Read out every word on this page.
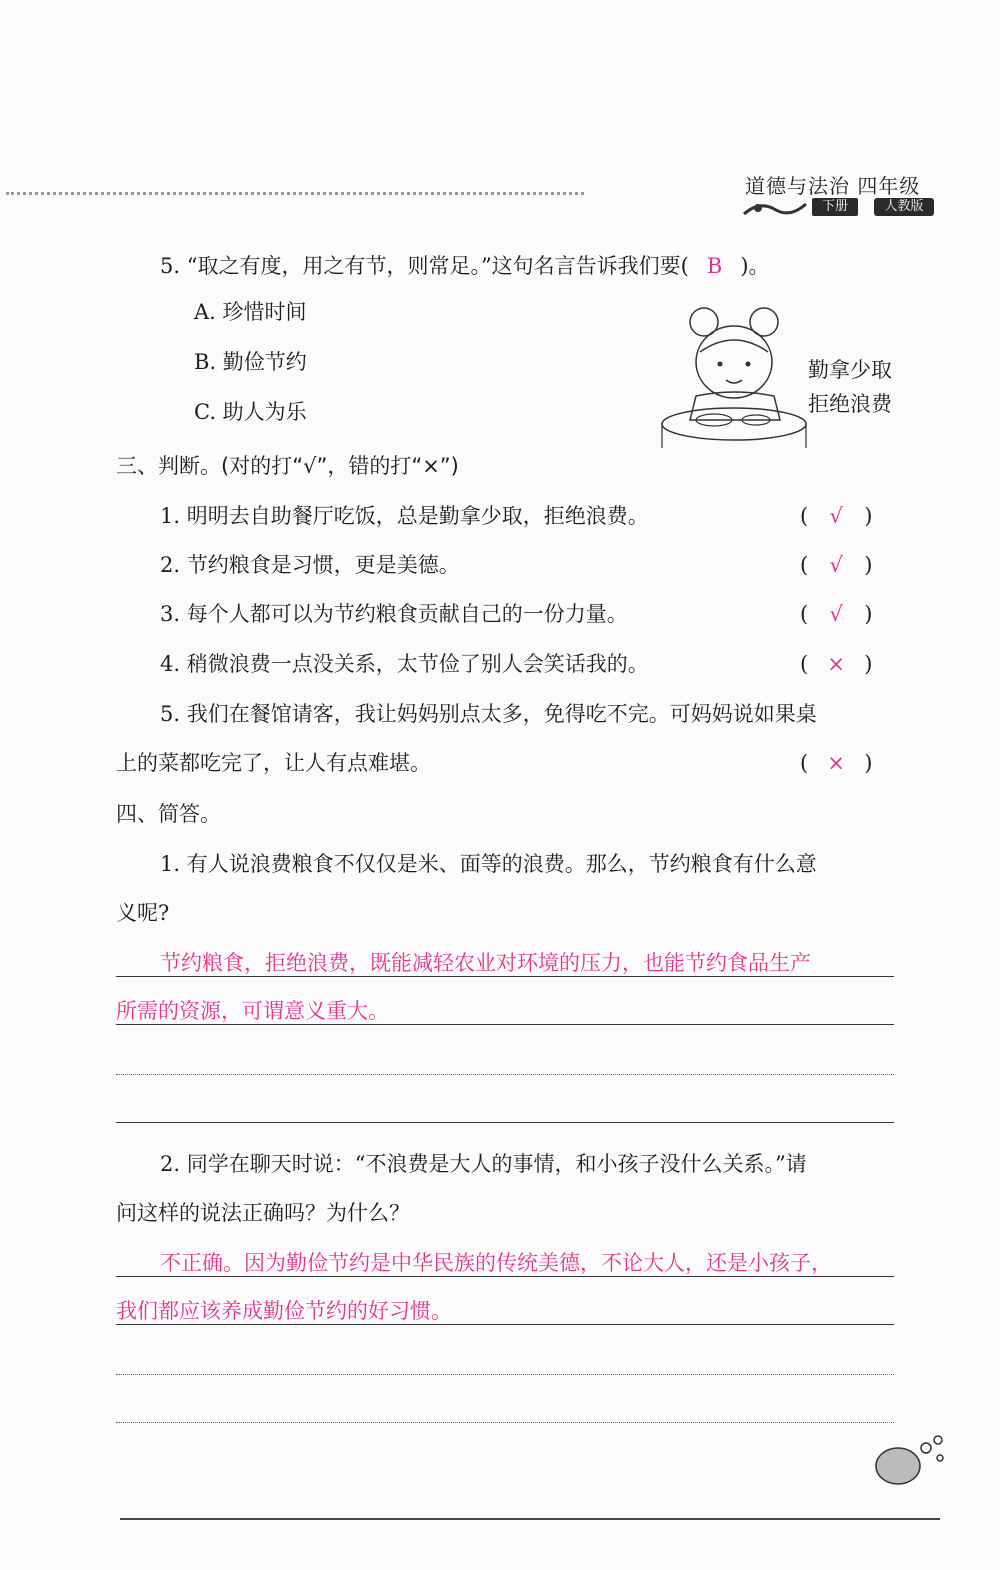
道德与法治 四年级
下册	人教版
5. “取之有度，用之有节，则常足。”这句名言告诉我们要( B )。
A. 珍惜时间
B. 勤俭节约
C. 助人为乐
勤拿少取
拒绝浪费
三、判断。(对的打“√”，错的打“×”)
1. 明明去自助餐厅吃饭，总是勤拿少取，拒绝浪费。	( √ )
2. 节约粮食是习惯，更是美德。	( √ )
3. 每个人都可以为节约粮食贡献自己的一份力量。	( √ )
4. 稍微浪费一点没关系，太节俭了别人会笑话我的。	( × )
5. 我们在餐馆请客，我让妈妈别点太多，免得吃不完。可妈妈说如果桌
上的菜都吃完了，让人有点难堪。	( × )
四、简答。
1. 有人说浪费粮食不仅仅是米、面等的浪费。那么，节约粮食有什么意
义呢?
节约粮食，拒绝浪费，既能减轻农业对环境的压力，也能节约食品生产
所需的资源，可谓意义重大。
2. 同学在聊天时说：“不浪费是大人的事情，和小孩子没什么关系。”请
问这样的说法正确吗？为什么？
不正确。因为勤俭节约是中华民族的传统美德，不论大人，还是小孩子，
我们都应该养成勤俭节约的好习惯。
